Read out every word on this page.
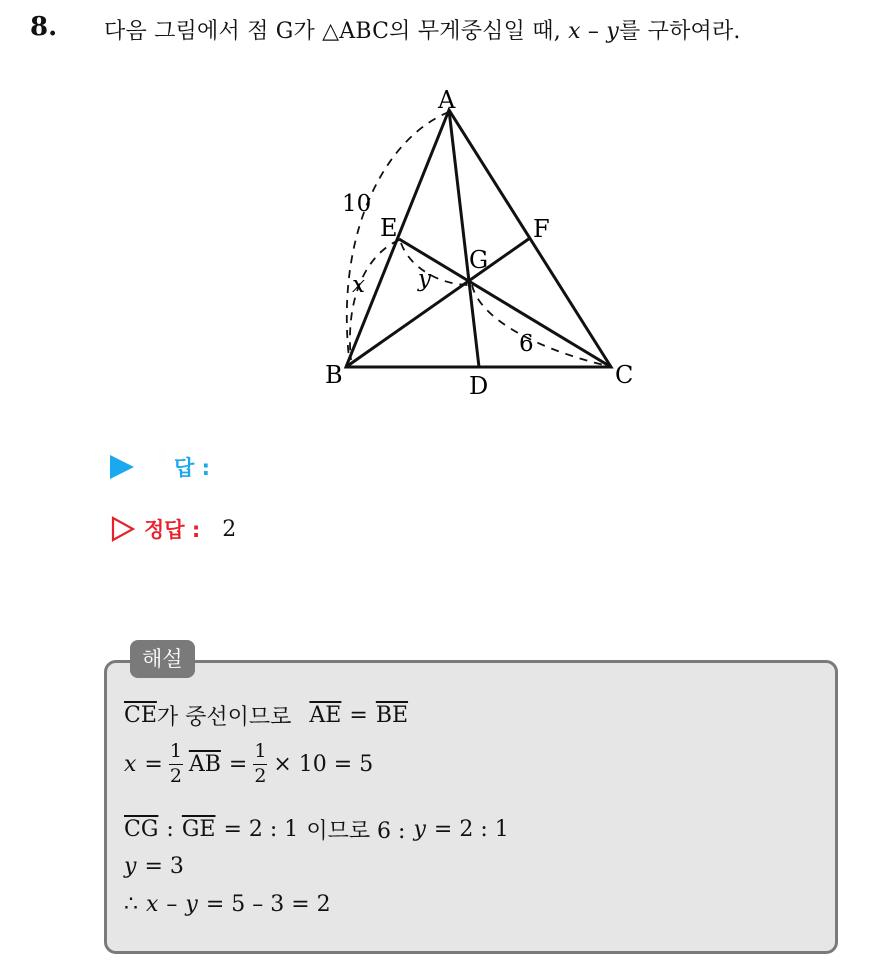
8. 다음 그림에서 점 G가 △ABC의 무게중심일 때, x – y를 구하여라.
A
B	C
D
E	F
G
10
6
x y
답 :
정답 : 2
해설
$\overline{CE}$ 가 중선이므로 $\overline{AE} = \overline{BE}$
$x = \frac{1}{2} \overline{AB} = \frac{1}{2} \times 10 = 5$
$\overline{CG}$ : $\overline{GE} = 2$ : 1 이므로 6 : y = 2 : 1
y = 3
∴ x – y = 5 – 3 = 2
